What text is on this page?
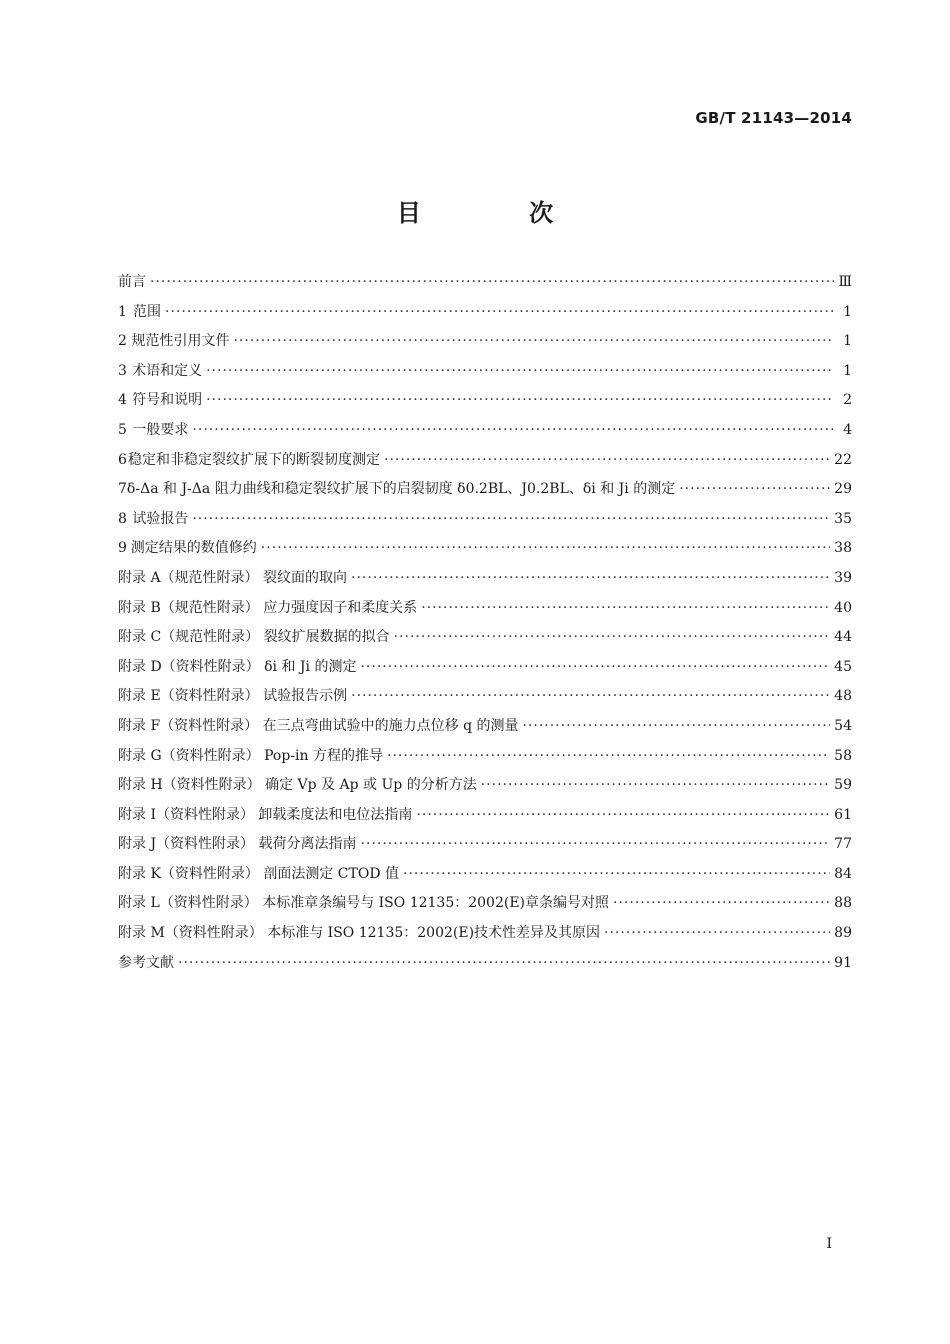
GB/T 21143—2014
目 次
前言 ·····	Ⅲ
1 范围 ·····	1
2 规范性引用文件 ·····	1
3 术语和定义 ·····	1
4 符号和说明 ·····	2
5 一般要求 ·····	4
6 稳定和非稳定裂纹扩展下的断裂韧度测定 ·····	22
7 δ-Δa 和 J-Δa 阻力曲线和稳定裂纹扩展下的启裂韧度 δ0.2BL、J0.2BL、δi 和 Ji 的测定 ·····	29
8 试验报告 ·····	35
9 测定结果的数值修约 ·····	38
附录 A（规范性附录） 裂纹面的取向 ·····	39
附录 B（规范性附录） 应力强度因子和柔度关系 ·····	40
附录 C（规范性附录） 裂纹扩展数据的拟合 ·····	44
附录 D（资料性附录） δi 和 Ji 的测定 ·····	45
附录 E（资料性附录） 试验报告示例 ·····	48
附录 F（资料性附录） 在三点弯曲试验中的施力点位移 q 的测量 ·····	54
附录 G（资料性附录） Pop-in 方程的推导 ·····	58
附录 H（资料性附录） 确定 Vp 及 Ap 或 Up 的分析方法 ·····	59
附录 I（资料性附录） 卸载柔度法和电位法指南 ·····	61
附录 J（资料性附录） 载荷分离法指南 ·····	77
附录 K（资料性附录） 剖面法测定 CTOD 值 ·····	84
附录 L（资料性附录） 本标准章条编号与 ISO 12135：2002(E)章条编号对照 ·····	88
附录 M（资料性附录） 本标准与 ISO 12135：2002(E)技术性差异及其原因 ·····	89
参考文献 ·····	91
I
